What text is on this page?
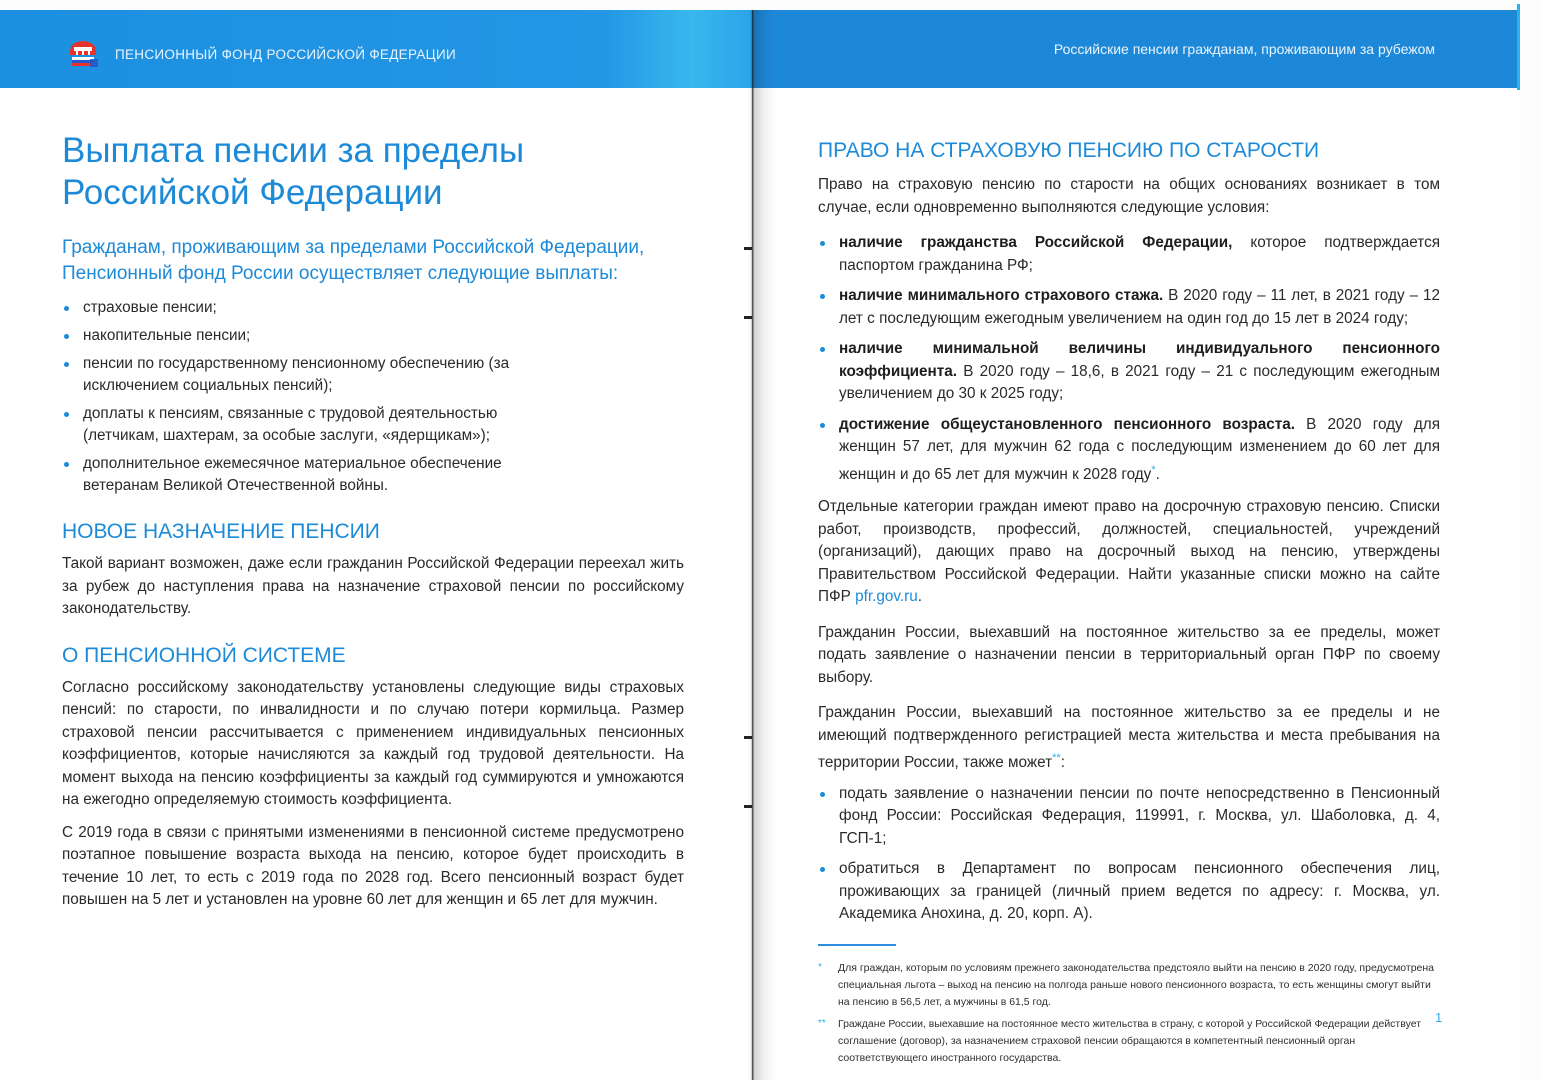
ПЕНСИОННЫЙ ФОНД РОССИЙСКОЙ ФЕДЕРАЦИИ
Выплата пенсии за пределы
Российской Федерации
Гражданам, проживающим за пределами Российской Федерации,
Пенсионный фонд России осуществляет следующие выплаты:
страховые пенсии;
накопительные пенсии;
пенсии по государственному пенсионному обеспечению (за исключением социальных пенсий);
доплаты к пенсиям, связанные с трудовой деятельностью (летчикам, шахтерам, за особые заслуги, «ядерщикам»);
дополнительное ежемесячное материальное обеспечение ветеранам Великой Отечественной войны.
НОВОЕ НАЗНАЧЕНИЕ ПЕНСИИ

Такой вариант возможен, даже если гражданин Российской Федерации переехал жить за рубеж до наступления права на назначение страховой пенсии по российскому законодательству.

О ПЕНСИОННОЙ СИСТЕМЕ

Согласно российскому законодательству установлены следующие виды страховых пенсий: по старости, по инвалидности и по случаю потери кормильца. Размер страховой пенсии рассчитывается с применением индивидуальных пенсионных коэффициентов, которые начисляются за каждый год трудовой деятельности. На момент выхода на пенсию коэффициенты за каждый год суммируются и умножаются на ежегодно определяемую стоимость коэффициента.

С 2019 года в связи с принятыми изменениями в пенсионной системе предусмотрено поэтапное повышение возраста выхода на пенсию, которое будет происходить в течение 10 лет, то есть с 2019 года по 2028 год. Всего пенсионный возраст будет повышен на 5 лет и установлен на уровне 60 лет для женщин и 65 лет для мужчин.

Российские пенсии гражданам, проживающим за рубежом
ПРАВО НА СТРАХОВУЮ ПЕНСИЮ ПО СТАРОСТИ

Право на страховую пенсию по старости на общих основаниях возникает в том случае, если одновременно выполняются следующие условия:

наличие гражданства Российской Федерации, которое подтверждается паспортом гражданина РФ;
наличие минимального страхового стажа. В 2020 году – 11 лет, в 2021 году – 12 лет с последующим ежегодным увеличением на один год до 15 лет в 2024 году;
наличие минимальной величины индивидуального пенсионного коэффициента. В 2020 году – 18,6, в 2021 году – 21 с последующим ежегодным увеличением до 30 к 2025 году;
достижение общеустановленного пенсионного возраста. В 2020 году для женщин 57 лет, для мужчин 62 года с последующим изменением до 60 лет для женщин и до 65 лет для мужчин к 2028 году*.

Отдельные категории граждан имеют право на досрочную страховую пенсию. Списки работ, производств, профессий, должностей, специальностей, учреждений (организаций), дающих право на досрочный выход на пенсию, утверждены Правительством Российской Федерации. Найти указанные списки можно на сайте ПФР pfr.gov.ru.

Гражданин России, выехавший на постоянное жительство за ее пределы, может подать заявление о назначении пенсии в территориальный орган ПФР по своему выбору.

Гражданин России, выехавший на постоянное жительство за ее пределы и не имеющий подтвержденного регистрацией места жительства и места пребывания на территории России, также может**:

подать заявление о назначении пенсии по почте непосредственно в Пенсионный фонд России: Российская Федерация, 119991, г. Москва, ул. Шаболовка, д. 4, ГСП-1;
обратиться в Департамент по вопросам пенсионного обеспечения лиц, проживающих за границей (личный прием ведется по адресу: г. Москва, ул. Академика Анохина, д. 20, корп. А).
* Для граждан, которым по условиям прежнего законодательства предстояло выйти на пенсию в 2020 году, предусмотрена специальная льгота – выход на пенсию на полгода раньше нового пенсионного возраста, то есть женщины смогут выйти на пенсию в 56,5 лет, а мужчины в 61,5 год.
** Граждане России, выехавшие на постоянное место жительства в страну, с которой у Российской Федерации действует соглашение (договор), за назначением страховой пенсии обращаются в компетентный пенсионный орган соответствующего иностранного государства.
1
